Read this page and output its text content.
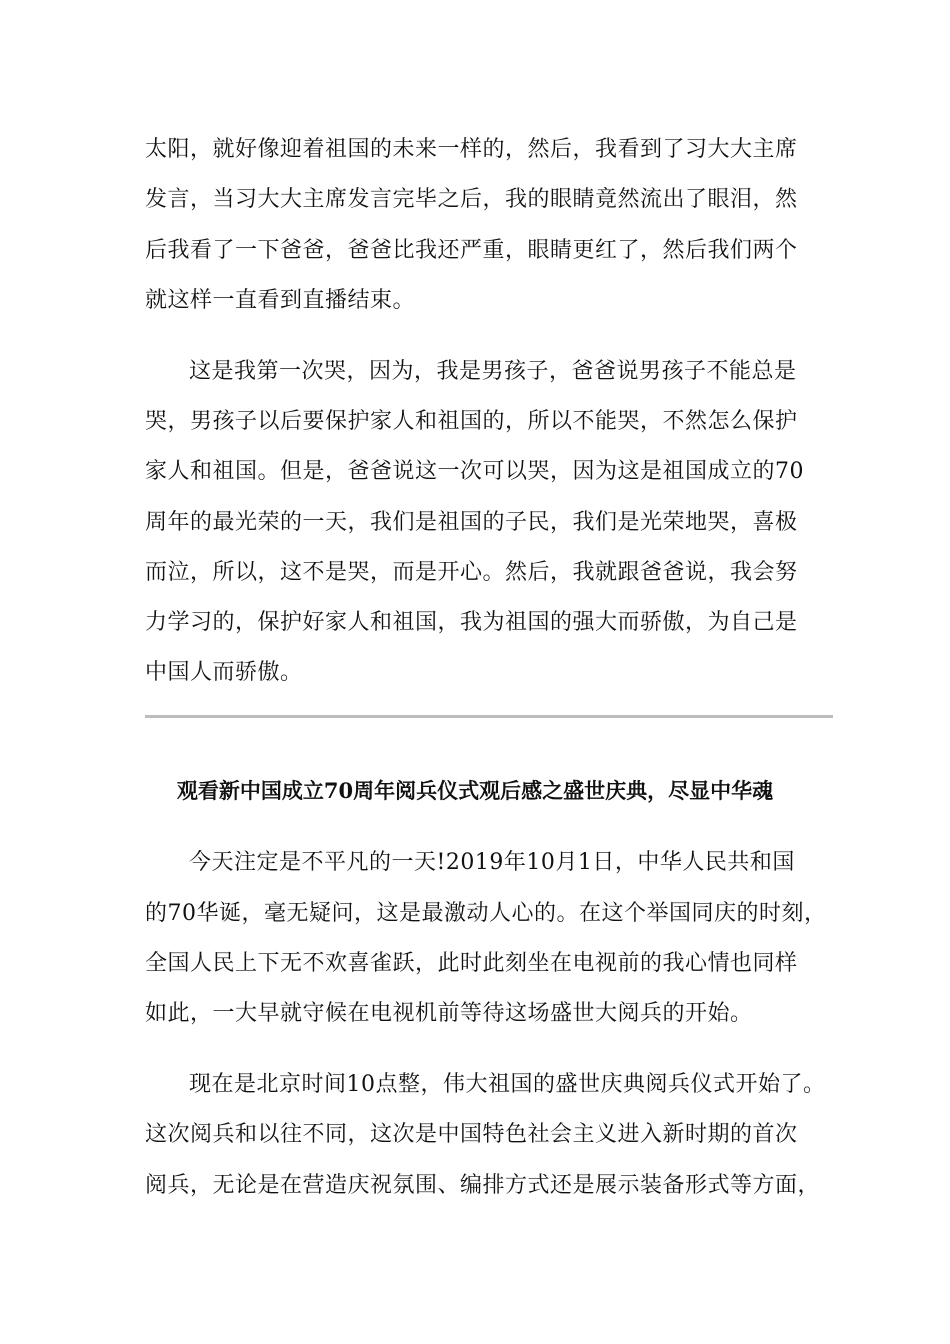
太阳，就好像迎着祖国的未来一样的，然后，我看到了习大大主席
发言，当习大大主席发言完毕之后，我的眼睛竟然流出了眼泪，然
后我看了一下爸爸，爸爸比我还严重，眼睛更红了，然后我们两个
就这样一直看到直播结束。
这是我第一次哭，因为，我是男孩子，爸爸说男孩子不能总是
哭，男孩子以后要保护家人和祖国的，所以不能哭，不然怎么保护
家人和祖国。但是，爸爸说这一次可以哭，因为这是祖国成立的70
周年的最光荣的一天，我们是祖国的子民，我们是光荣地哭，喜极
而泣，所以，这不是哭，而是开心。然后，我就跟爸爸说，我会努
力学习的，保护好家人和祖国，我为祖国的强大而骄傲，为自己是
中国人而骄傲。
观看新中国成立70周年阅兵仪式观后感之盛世庆典，尽显中华魂
今天注定是不平凡的一天!2019年10月1日，中华人民共和国
的70华诞，毫无疑问，这是最激动人心的。在这个举国同庆的时刻，
全国人民上下无不欢喜雀跃，此时此刻坐在电视前的我心情也同样
如此，一大早就守候在电视机前等待这场盛世大阅兵的开始。
现在是北京时间10点整，伟大祖国的盛世庆典阅兵仪式开始了。
这次阅兵和以往不同，这次是中国特色社会主义进入新时期的首次
阅兵，无论是在营造庆祝氛围、编排方式还是展示装备形式等方面，
